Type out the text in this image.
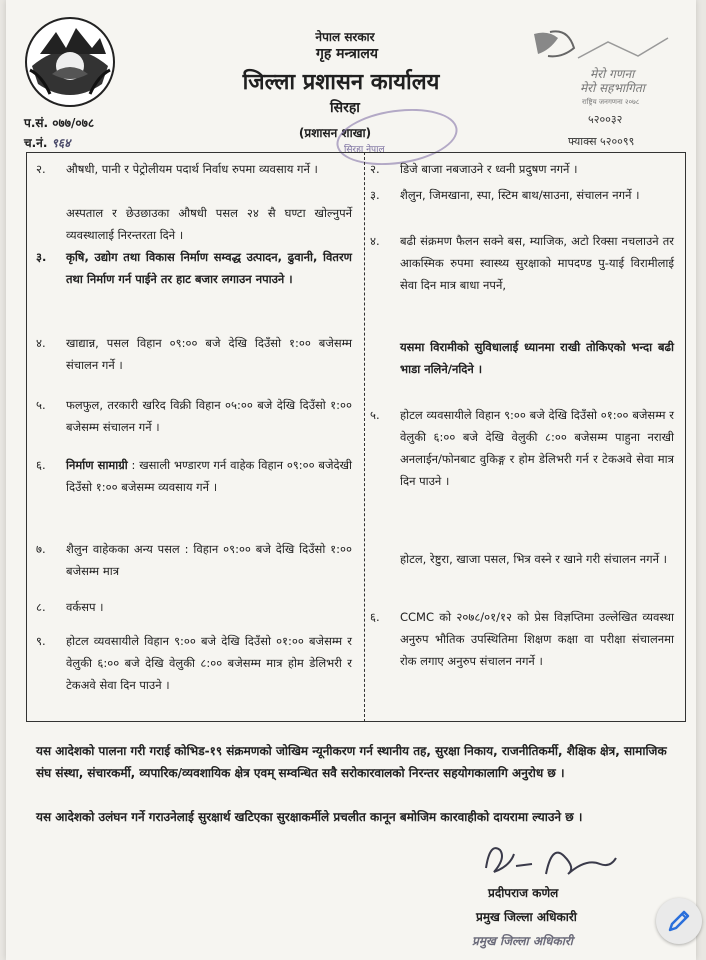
मेरो गणना
मेरो सहभागिता
राष्ट्रिय जनगणना २०७८
नेपाल सरकार
गृह मन्त्रालय
जिल्ला प्रशासन कार्यालय
सिरहा
(प्रशासन शाखा)
सिरहा नेपाल
प.सं. ०७७/०७८
च.नं. ९६४
५२००३२
फ्याक्स ५२००९९
२. औषधी, पानी र पेट्रोलीयम पदार्थ निर्वाध रुपमा व्यवसाय गर्ने ।
अस्पताल र छेउछाउका औषधी पसल २४ सै घण्टा खोल्नुपर्ने व्यवस्थालाई निरन्तरता दिने ।
३. कृषि, उद्योग तथा विकास निर्माण सम्वद्ध उत्पादन, ढुवानी, वितरण तथा निर्माण गर्न पाईने तर हाट बजार लगाउन नपाउने ।
४. खाद्यान्न, पसल विहान ०९:०० बजे देखि दिउँसो १:०० बजेसम्म संचालन गर्ने ।
५. फलफुल, तरकारी खरिद विक्री विहान ०५:०० बजे देखि दिउँसो १:०० बजेसम्म संचालन गर्ने ।
६. निर्माण सामाग्री : खसाली भण्डारण गर्न वाहेक विहान ०९:०० बजेदेखी दिउँसो १:०० बजेसम्म व्यवसाय गर्ने ।
७. शैलुन वाहेकका अन्य पसल : विहान ०९:०० बजे देखि दिउँसो १:०० बजेसम्म मात्र
८. वर्कसप ।
९. होटल व्यवसायीले विहान ९:०० बजे देखि दिउँसो ०१:०० बजेसम्म र वेलुकी ६:०० बजे देखि वेलुकी ८:०० बजेसम्म मात्र होम डेलिभरी र टेकअवे सेवा दिन पाउने ।
२. डिजे बाजा नबजाउने र ध्वनी प्रदुषण नगर्ने ।
३. शैलुन, जिमखाना, स्पा, स्टिम बाथ/साउना, संचालन नगर्ने ।
४. बढी संक्रमण फैलन सक्ने बस, म्याजिक, अटो रिक्सा नचलाउने तर आकस्मिक रुपमा स्वास्थ्य सुरक्षाको मापदण्ड पु-याई विरामीलाई सेवा दिन मात्र बाधा नपर्ने,
यसमा विरामीको सुविधालाई ध्यानमा राखी तोकिएको भन्दा बढी भाडा नलिने/नदिने ।
५. होटल व्यवसायीले विहान ९:०० बजे देखि दिउँसो ०१:०० बजेसम्म र वेलुकी ६:०० बजे देखि वेलुकी ८:०० बजेसम्म पाहुना नराखी अनलाईन/फोनबाट वुकिङ्ग र होम डेलिभरी गर्न र टेकअवे सेवा मात्र दिन पाउने ।
होटल, रेष्टुरा, खाजा पसल, भित्र वस्ने र खाने गरी संचालन नगर्ने ।
६. CCMC को २०७८/०१/१२ को प्रेस विज्ञप्तिमा उल्लेखित व्यवस्था अनुरुप भौतिक उपस्थितिमा शिक्षण कक्षा वा परीक्षा संचालनमा रोक लगाए अनुरुप संचालन नगर्ने ।
यस आदेशको पालना गरी गराई कोभिड-१९ संक्रमणको जोखिम न्यूनीकरण गर्न स्थानीय तह, सुरक्षा निकाय, राजनीतिकर्मी, शैक्षिक क्षेत्र, सामाजिक संघ संस्था, संचारकर्मी, व्यपारिक/व्यवशायिक क्षेत्र एवम् सम्वन्धित सवै सरोकारवालको निरन्तर सहयोगकालागि अनुरोध छ ।
यस आदेशको उलंघन गर्ने गराउनेलाई सुरक्षार्थ खटिएका सुरक्षाकर्मीले प्रचलीत कानून बमोजिम कारवाहीको दायरामा ल्याउने छ ।
प्रदीपराज कणेल
प्रमुख जिल्ला अधिकारी
प्रमुख जिल्ला अधिकारी
